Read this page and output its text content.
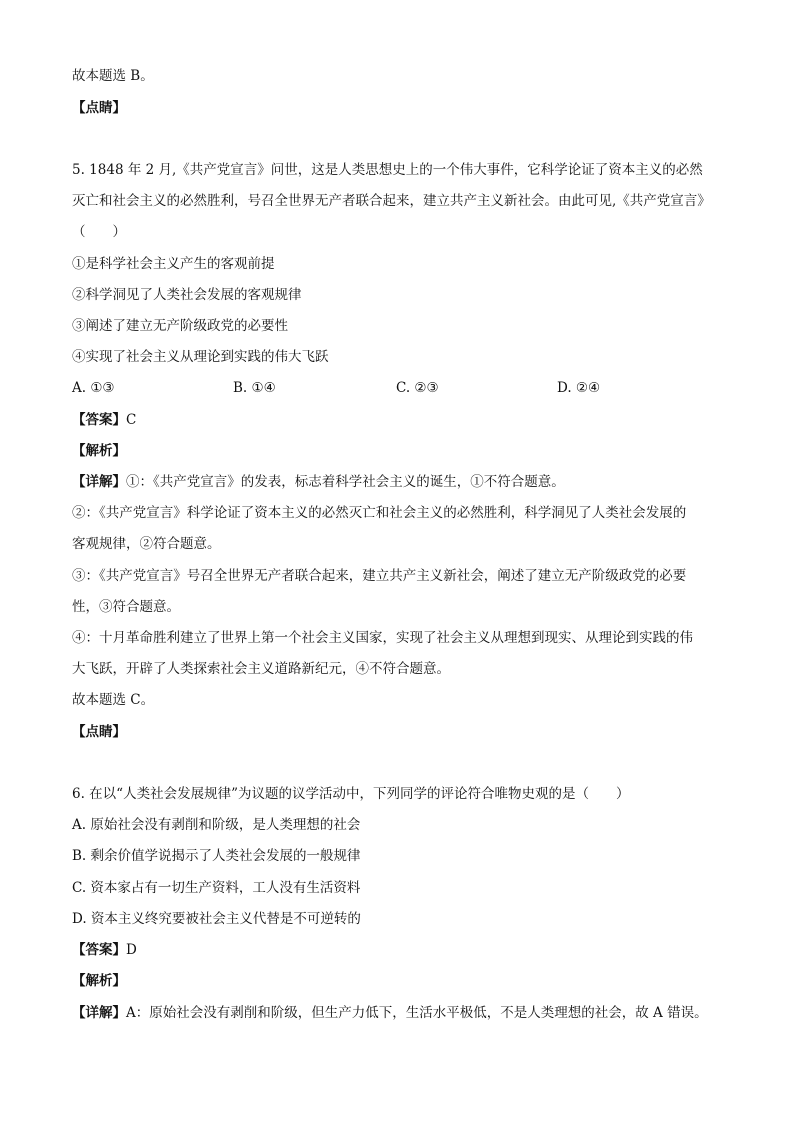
故本题选 B。
【点睛】
5. 1848 年 2 月,《共产党宣言》问世，这是人类思想史上的一个伟大事件，它科学论证了资本主义的必然
灭亡和社会主义的必然胜利，号召全世界无产者联合起来，建立共产主义新社会。由此可见,《共产党宣言》
（　　）
①是科学社会主义产生的客观前提
②科学洞见了人类社会发展的客观规律
③阐述了建立无产阶级政党的必要性
④实现了社会主义从理论到实践的伟大飞跃
A. ①③	B. ①④	C. ②③	D. ②④
【答案】C
【解析】
【详解】①：《共产党宣言》的发表，标志着科学社会主义的诞生，①不符合题意。
②：《共产党宣言》科学论证了资本主义的必然灭亡和社会主义的必然胜利，科学洞见了人类社会发展的
客观规律，②符合题意。
③：《共产党宣言》号召全世界无产者联合起来，建立共产主义新社会，阐述了建立无产阶级政党的必要
性，③符合题意。
④：十月革命胜利建立了世界上第一个社会主义国家，实现了社会主义从理想到现实、从理论到实践的伟
大飞跃，开辟了人类探索社会主义道路新纪元，④不符合题意。
故本题选 C。
【点睛】
6. 在以“人类社会发展规律”为议题的议学活动中，下列同学的评论符合唯物史观的是（　　）
A. 原始社会没有剥削和阶级，是人类理想的社会
B. 剩余价值学说揭示了人类社会发展的一般规律
C. 资本家占有一切生产资料，工人没有生活资料
D. 资本主义终究要被社会主义代替是不可逆转的
【答案】D
【解析】
【详解】A：原始社会没有剥削和阶级，但生产力低下，生活水平极低，不是人类理想的社会，故 A 错误。
